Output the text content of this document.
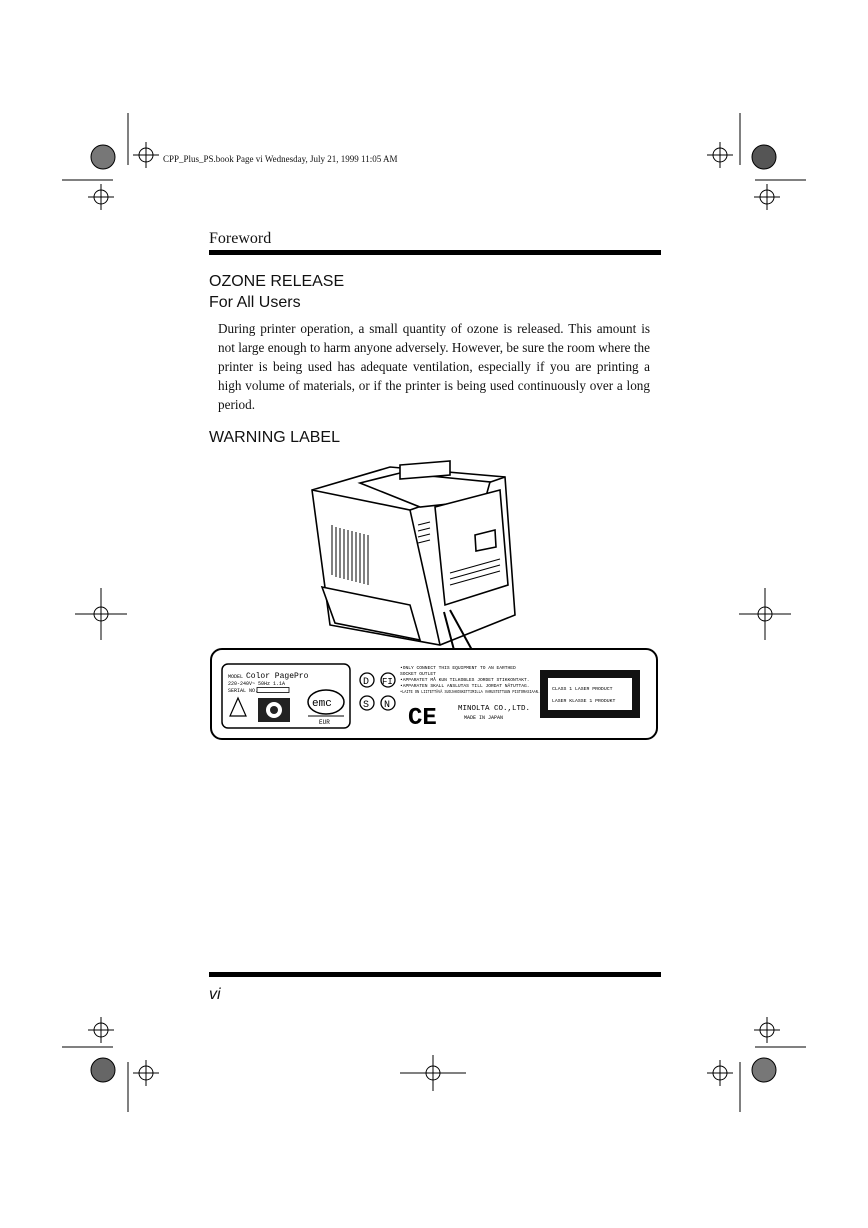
CPP_Plus_PS.book Page vi Wednesday, July 21, 1999 11:05 AM
Foreword
OZONE RELEASE
For All Users
During printer operation, a small quantity of ozone is released. This amount is not large enough to harm anyone adversely. However, be sure the room where the printer is being used has adequate ventilation, especially if you are printing a high volume of materials, or if the printer is being used continuously over a long period.
WARNING LABEL
MODEL Color PagePro
220-240V~ 50Hz 1.1A
SERIAL NO.
emc
EUR
D FI
S N
•ONLY CONNECT THIS EQUIPMENT TO AN EARTHED
SOCKET OUTLET
•APPARATET MÅ KUN TILKOBLES JORDET STIKKONTAKT.
•APPARATEN SKALL ANSLUTAS TILL JORDAT NÄTUTTAG.
•LAITE ON LIITETTÄVÄ SUOJAKOSKETTIMILLA VARUSTETTUUN PISTORASIAAN.
CE	MINOLTA CO.,LTD.
MADE IN JAPAN
CLASS 1 LASER PRODUCT
LASER KLASSE 1 PRODUKT
vi
